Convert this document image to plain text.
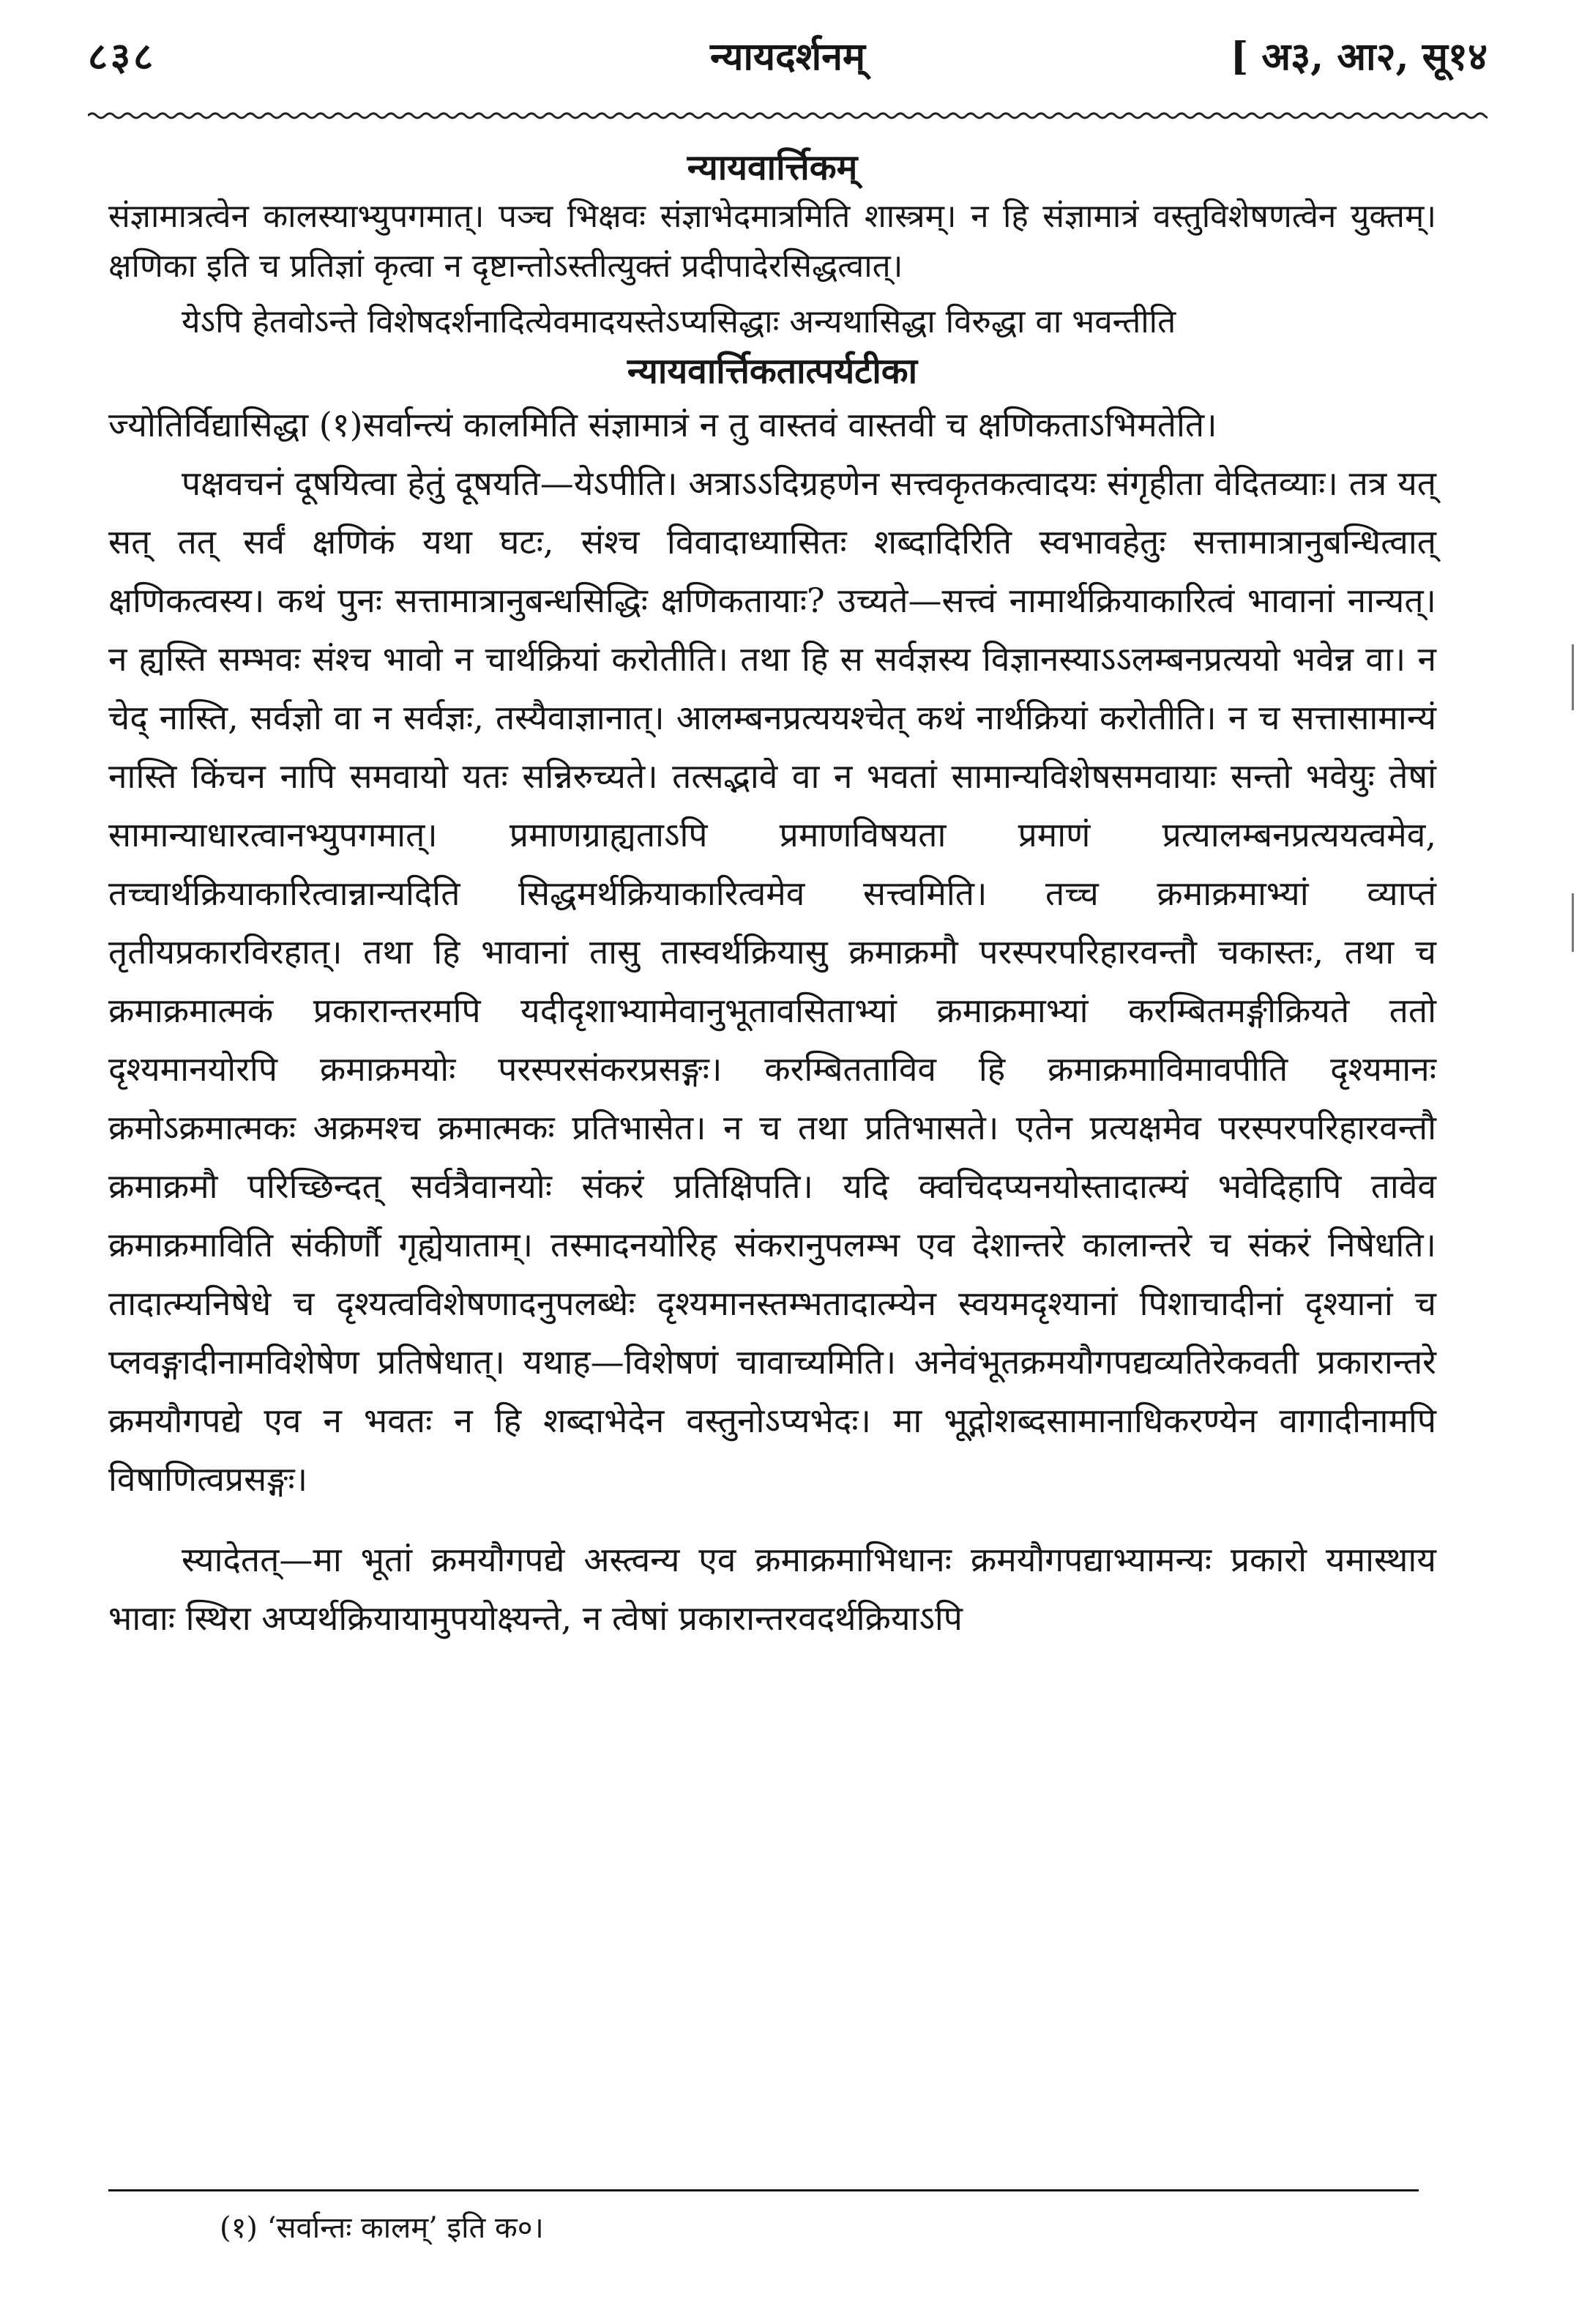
८३८	न्यायदर्शनम्	[ अ३, आ२, सू१४
न्यायवार्त्तिकम्

संज्ञामात्रत्वेन कालस्याभ्युपगमात्। पञ्च भिक्षवः संज्ञाभेदमात्रमिति शास्त्रम्। न हि संज्ञामात्रं वस्तुविशेषणत्वेन युक्तम्। क्षणिका इति च प्रतिज्ञां कृत्वा न दृष्टान्तोऽस्तीत्युक्तं प्रदीपादेरसिद्धत्वात्।

येऽपि हेतवोऽन्ते विशेषदर्शनादित्येवमादयस्तेऽप्यसिद्धाः अन्यथासिद्धा विरुद्धा वा भवन्तीति

न्यायवार्त्तिकतात्पर्यटीका

ज्योतिर्विद्यासिद्धा (१)सर्वान्त्यं कालमिति संज्ञामात्रं न तु वास्तवं वास्तवी च क्षणिकताऽभिमतेति।

पक्षवचनं दूषयित्वा हेतुं दूषयति—येऽपीति। अत्राऽऽदिग्रहणेन सत्त्वकृतकत्वादयः संगृहीता वेदितव्याः। तत्र यत् सत् तत् सर्वं क्षणिकं यथा घटः, संश्च विवादाध्यासितः शब्दादिरिति स्वभावहेतुः सत्तामात्रानुबन्धित्वात् क्षणिकत्वस्य। कथं पुनः सत्तामात्रानुबन्धसिद्धिः क्षणिकतायाः? उच्यते—सत्त्वं नामार्थक्रियाकारित्वं भावानां नान्यत्। न ह्यस्ति सम्भवः संश्च भावो न चार्थक्रियां करोतीति। तथा हि स सर्वज्ञस्य विज्ञानस्याऽऽलम्बनप्रत्ययो भवेन्न वा। न चेद् नास्ति, सर्वज्ञो वा न सर्वज्ञः, तस्यैवाज्ञानात्। आलम्बनप्रत्ययश्चेत् कथं नार्थक्रियां करोतीति। न च सत्तासामान्यं नास्ति किंचन नापि समवायो यतः सन्निरुच्यते। तत्सद्भावे वा न भवतां सामान्यविशेषसमवायाः सन्तो भवेयुः तेषां सामान्याधारत्वानभ्युपगमात्। प्रमाणग्राह्यताऽपि प्रमाणविषयता प्रमाणं प्रत्यालम्बनप्रत्ययत्वमेव, तच्चार्थक्रियाकारित्वान्नान्यदिति सिद्धमर्थक्रियाकारित्वमेव सत्त्वमिति। तच्च क्रमाक्रमाभ्यां व्याप्तं तृतीयप्रकारविरहात्। तथा हि भावानां तासु तास्वर्थक्रियासु क्रमाक्रमौ परस्परपरिहारवन्तौ चकास्तः, तथा च क्रमाक्रमात्मकं प्रकारान्तरमपि यदीदृशाभ्यामेवानुभूतावसिताभ्यां क्रमाक्रमाभ्यां करम्बितमङ्गीक्रियते ततो दृश्यमानयोरपि क्रमाक्रमयोः परस्परसंकरप्रसङ्गः। करम्बितताविव हि क्रमाक्रमाविमावपीति दृश्यमानः क्रमोऽक्रमात्मकः अक्रमश्च क्रमात्मकः प्रतिभासेत। न च तथा प्रतिभासते। एतेन प्रत्यक्षमेव परस्परपरिहारवन्तौ क्रमाक्रमौ परिच्छिन्दत् सर्वत्रैवानयोः संकरं प्रतिक्षिपति। यदि क्वचिदप्यनयोस्तादात्म्यं भवेदिहापि तावेव क्रमाक्रमाविति संकीर्णौ गृह्येयाताम्। तस्मादनयोरिह संकरानुपलम्भ एव देशान्तरे कालान्तरे च संकरं निषेधति। तादात्म्यनिषेधे च दृश्यत्वविशेषणादनुपलब्धेः दृश्यमानस्तम्भतादात्म्येन स्वयमदृश्यानां पिशाचादीनां दृश्यानां च प्लवङ्गादीनामविशेषेण प्रतिषेधात्। यथाह—विशेषणं चावाच्यमिति। अनेवंभूतक्रमयौगपद्यव्यतिरेकवती प्रकारान्तरे क्रमयौगपद्ये एव न भवतः न हि शब्दाभेदेन वस्तुनोऽप्यभेदः। मा भूद्गोशब्दसामानाधिकरण्येन वागादीनामपि विषाणित्वप्रसङ्गः।

स्यादेतत्—मा भूतां क्रमयौगपद्ये अस्त्वन्य एव क्रमाक्रमाभिधानः क्रमयौगपद्याभ्यामन्यः प्रकारो यमास्थाय भावाः स्थिरा अप्यर्थक्रियायामुपयोक्ष्यन्ते, न त्वेषां प्रकारान्तरवदर्थक्रियाऽपि

(१) ‘सर्वान्तः कालम्’ इति क०।
